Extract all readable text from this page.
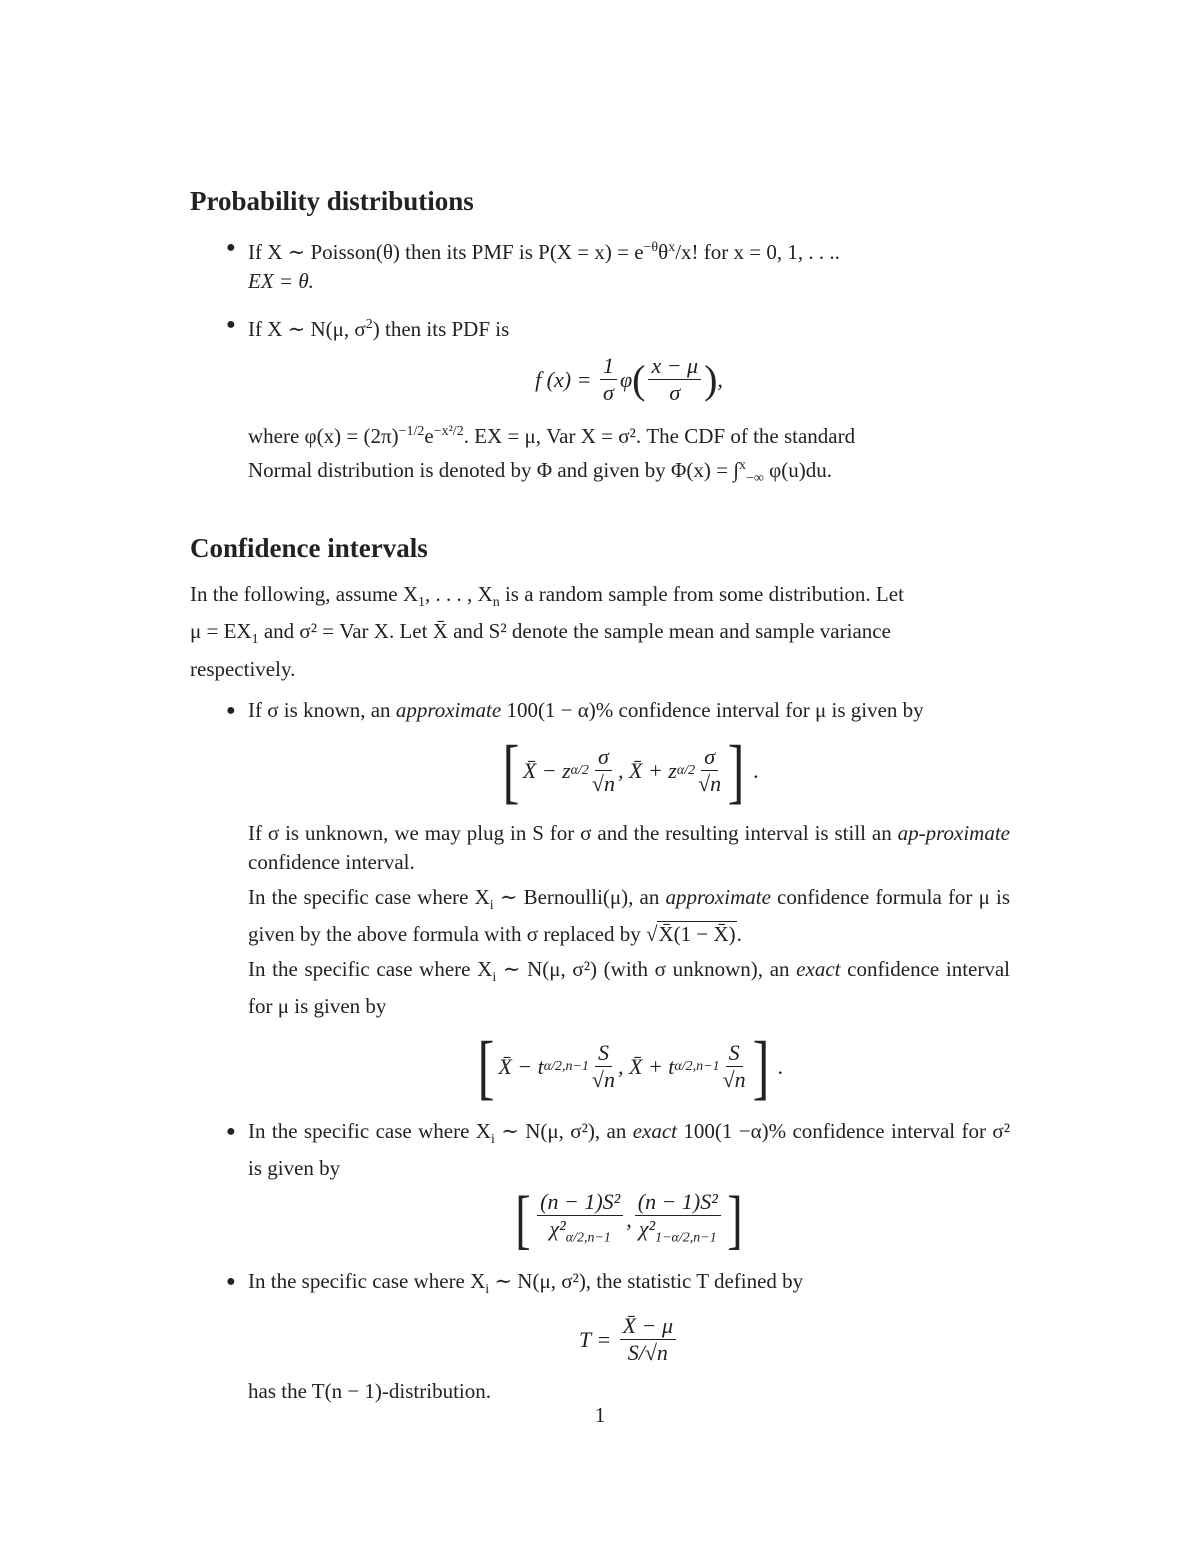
Probability distributions
● If X ∼ Poisson(θ) then its PMF is $P(X = x) = e^{-\theta}\theta^x/x$! for x = 0, 1, . . ..
EX = θ.

● If X ∼ N(μ, $\sigma^2$) then its PDF is

f (x) =
$\frac{1}{\sigma}$ φ ( $\frac{x - \mu}{\sigma}$ ) ,

where $\varphi(x) = (2\pi)^{-1/2}e^{-x^2/2}$. EX = μ, Var X = σ². The CDF of the standard
Normal distribution is denoted by Φ and given by Φ(x) = ∫$^x_{-\infty}$ φ(u)du.

Confidence intervals

In the following, assume $X_1$, . . . , $X_n$ is a random sample from some distribution. Let
$\mu = EX_1$ and σ² = Var X. Let X̄ and S² denote the sample mean and sample variance
respectively.

● If σ is known, an approximate 100(1 − α)% confidence interval for μ is given by

[ X̄ − z $\alpha/2 \frac{\sigma}{√n}$ , X̄ + z $\alpha/2 \frac{\sigma}{√n}$ ] .

If σ is unknown, we may plug in S for σ and the resulting interval is still an ap-proximate confidence interval.

In the specific case where $X_i$ ∼ Bernoulli(μ), an approximate confidence formula for μ is given by the above formula with σ replaced by √X̄(1 − X̄).

In the specific case where $X_i$ ∼ N(μ, σ²) (with σ unknown), an exact confidence interval for μ is given by

[ X̄ − t $\alpha/2,n-1 \frac{S}{√n}$ , X̄ + t $\alpha/2,n-1 \frac{S}{√n}$ ] .
● In the specific case where $X_i$ ∼ N(μ, σ²), an exact 100(1 −α)% confidence interval for σ² is given by

[ $\frac{\text{(n − 1)S²}}{\chi^2_{\alpha/2,n-1}}$ , $\frac{\text{(n − 1)S²}}{\chi^2_{1-\alpha/2,n-1}}$ ]
● In the specific case where $X_i$ ∼ N(μ, σ²), the statistic T defined by

T =
$\frac{X̄ - \mu}{S/√n}$

has the T(n − 1)-distribution.

1
